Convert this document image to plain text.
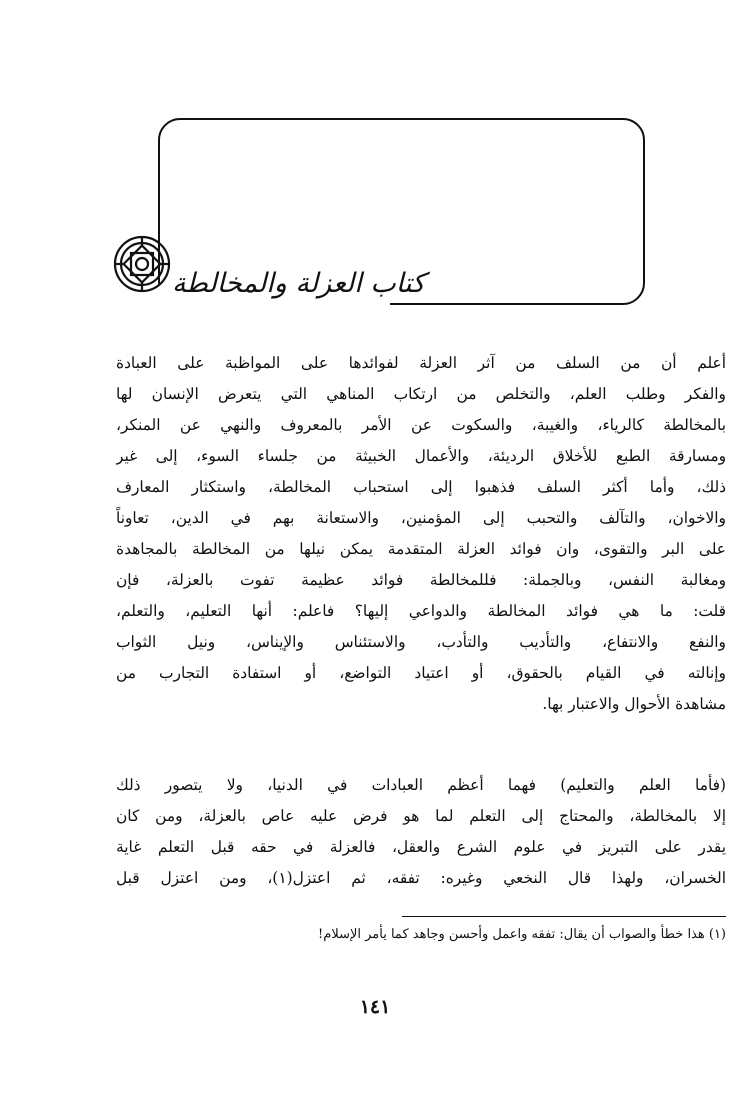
كتاب العزلة والمخالطة
أعلم أن من السلف من آثر العزلة لفوائدها على المواظبة على العبادة
والفكر وطلب العلم، والتخلص من ارتكاب المناهي التي يتعرض الإنسان لها
بالمخالطة كالرياء، والغيبة، والسكوت عن الأمر بالمعروف والنهي عن المنكر،
ومسارقة الطبع للأخلاق الرديئة، والأعمال الخبيثة من جلساء السوء، إلى غير
ذلك، وأما أكثر السلف فذهبوا إلى استحباب المخالطة، واستكثار المعارف
والاخوان، والتآلف والتحبب إلى المؤمنين، والاستعانة بهم في الدين، تعاوناً
على البر والتقوى، وان فوائد العزلة المتقدمة يمكن نيلها من المخالطة بالمجاهدة
ومغالبة النفس، وبالجملة: فللمخالطة فوائد عظيمة تفوت بالعزلة، فإن
قلت: ما هي فوائد المخالطة والدواعي إليها؟ فاعلم: أنها التعليم، والتعلم،
والنفع والانتفاع، والتأديب والتأدب، والاستئناس والإيناس، ونيل الثواب
وإنالته في القيام بالحقوق، أو اعتياد التواضع، أو استفادة التجارب من
مشاهدة الأحوال والاعتبار بها.
(فأما العلم والتعليم) فهما أعظم العبادات في الدنيا، ولا يتصور ذلك
إلا بالمخالطة، والمحتاج إلى التعلم لما هو فرض عليه عاص بالعزلة، ومن كان
يقدر على التبريز في علوم الشرع والعقل، فالعزلة في حقه قبل التعلم غاية
الخسران، ولهذا قال النخعي وغيره: تفقه، ثم اعتزل(١)، ومن اعتزل قبل
(١) هذا خطأ والصواب أن يقال: تفقه واعمل وأحسن وجاهد كما يأمر الإسلام!
١٤١
